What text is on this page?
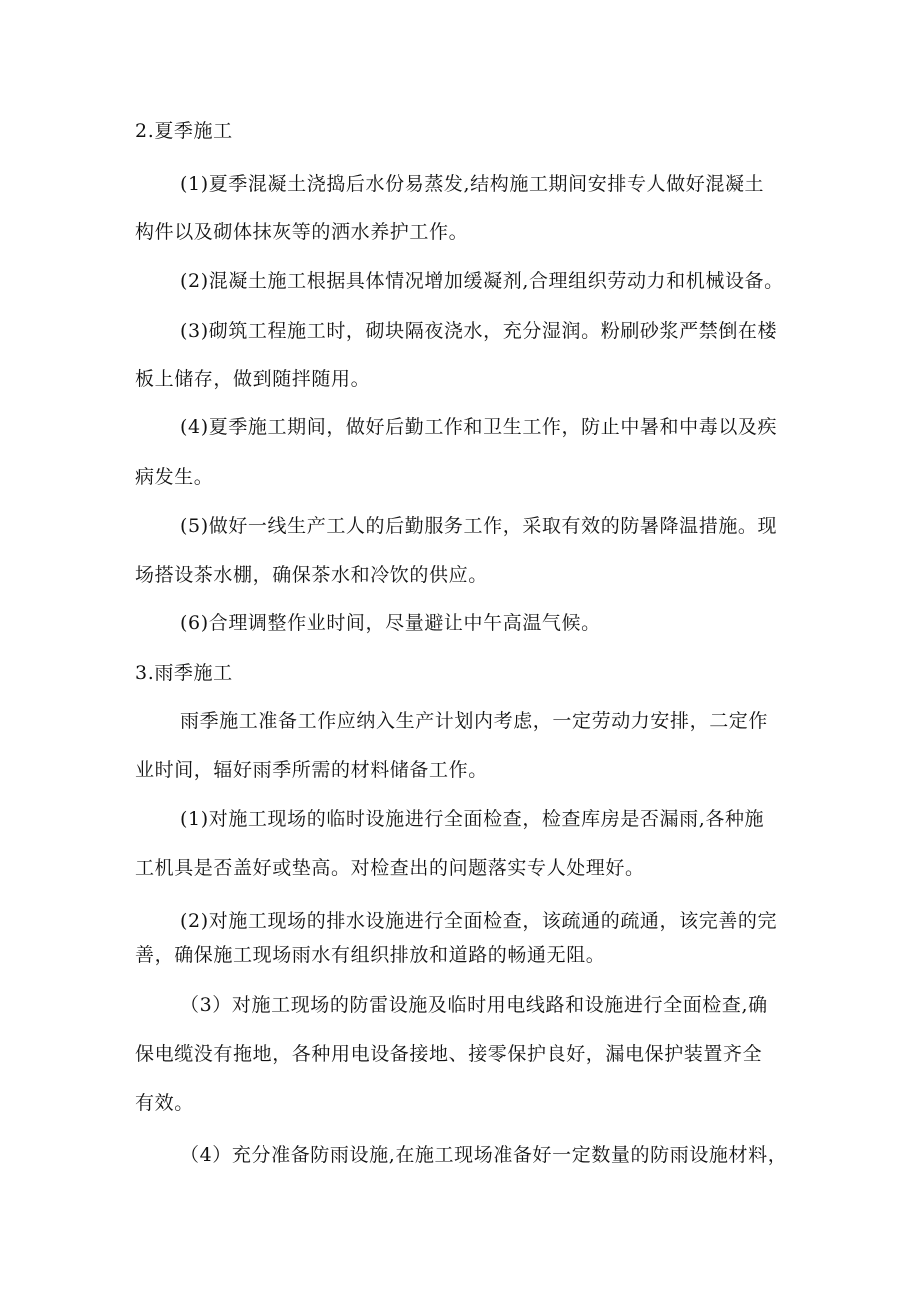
2.夏季施工
(1)夏季混凝土浇捣后水份易蒸发,结构施工期间安排专人做好混凝土
构件以及砌体抹灰等的洒水养护工作。
(2)混凝土施工根据具体情况增加缓凝剂,合理组织劳动力和机械设备。
(3)砌筑工程施工时，砌块隔夜浇水，充分湿润。粉刷砂浆严禁倒在楼
板上储存，做到随拌随用。
(4)夏季施工期间，做好后勤工作和卫生工作，防止中暑和中毒以及疾
病发生。
(5)做好一线生产工人的后勤服务工作，采取有效的防暑降温措施。现
场搭设茶水棚，确保茶水和冷饮的供应。
(6)合理调整作业时间，尽量避让中午高温气候。
3.雨季施工
雨季施工准备工作应纳入生产计划内考虑，一定劳动力安排，二定作
业时间，辐好雨季所需的材料储备工作。
(1)对施工现场的临时设施进行全面检查，检查库房是否漏雨,各种施
工机具是否盖好或垫高。对检查出的问题落实专人处理好。
(2)对施工现场的排水设施进行全面检查，该疏通的疏通，该完善的完
善，确保施工现场雨水有组织排放和道路的畅通无阻。
（3）对施工现场的防雷设施及临时用电线路和设施进行全面检查,确
保电缆没有拖地，各种用电设备接地、接零保护良好，漏电保护装置齐全
有效。
（4）充分准备防雨设施,在施工现场准备好一定数量的防雨设施材料，
